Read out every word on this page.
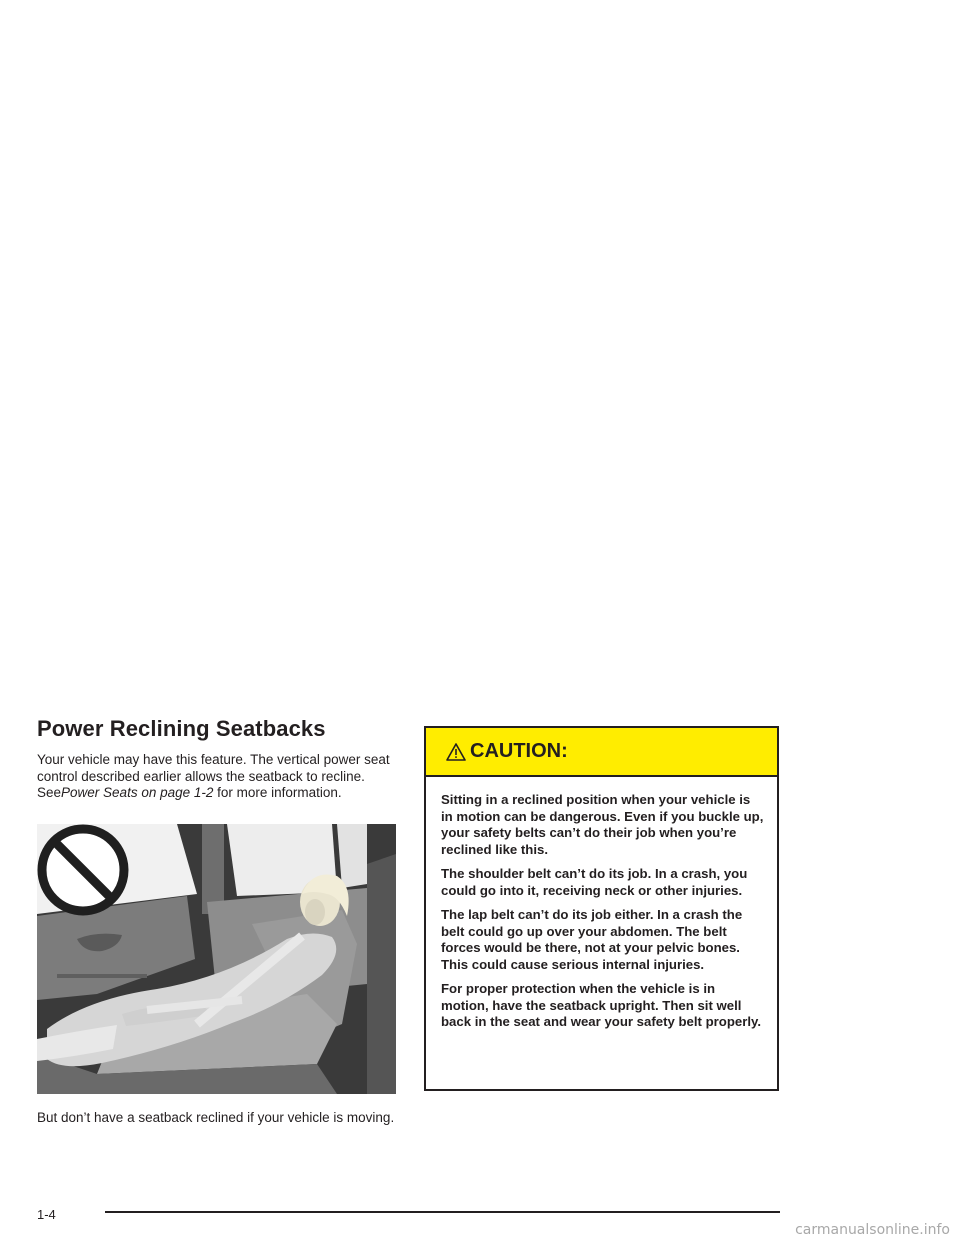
Power Reclining Seatbacks

Your vehicle may have this feature. The vertical power seat control described earlier allows the seatback to recline. SeePower Seats on page 1-2 for more information.

But don’t have a seatback reclined if your vehicle is moving.

CAUTION:

Sitting in a reclined position when your vehicle is in motion can be dangerous. Even if you buckle up, your safety belts can’t do their job when you’re reclined like this.

The shoulder belt can’t do its job. In a crash, you could go into it, receiving neck or other injuries.

The lap belt can’t do its job either. In a crash the belt could go up over your abdomen. The belt forces would be there, not at your pelvic bones. This could cause serious internal injuries.

For proper protection when the vehicle is in motion, have the seatback upright. Then sit well back in the seat and wear your safety belt properly.

1-4
carmanualsonline.info
